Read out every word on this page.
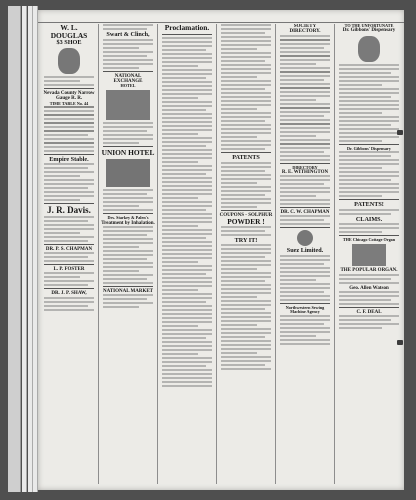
W. L. DOUGLAS
$3 SHOE
Nevada County Narrow Gauge R. R.
TIME TABLE No. 44
Empire Stable.
J. R. Davis.
DR. P. S. CHAPMAN
L. P. FOSTER
DR. J. P. SHAW,
Swart & Clinch,
NATIONAL EXCHANGE
HOTEL
UNION HOTEL
Drs. Starkey & Palen's
Treatment by Inhalation.
NATIONAL MARKET
Proclamation.
PATENTS
COUPONS - SOLPHUR
POWDER !
TRY IT!
SOCIETY DIRECTORY.
DIRECTORY
R. E. WITHINGTON
DR. C. W. CHAPMAN
Suez Limited.
Northwestern Sewing Machine Agency
TO THE UNFORTUNATE
Dr. Gibbons' Dispensary
Dr. Gibbons' Dispensary
PATENTS!
CLAIMS.
THE Chicago Cottage Organ
THE POPULAR ORGAN.
Geo. Allen Watson
C. F. DEAL
